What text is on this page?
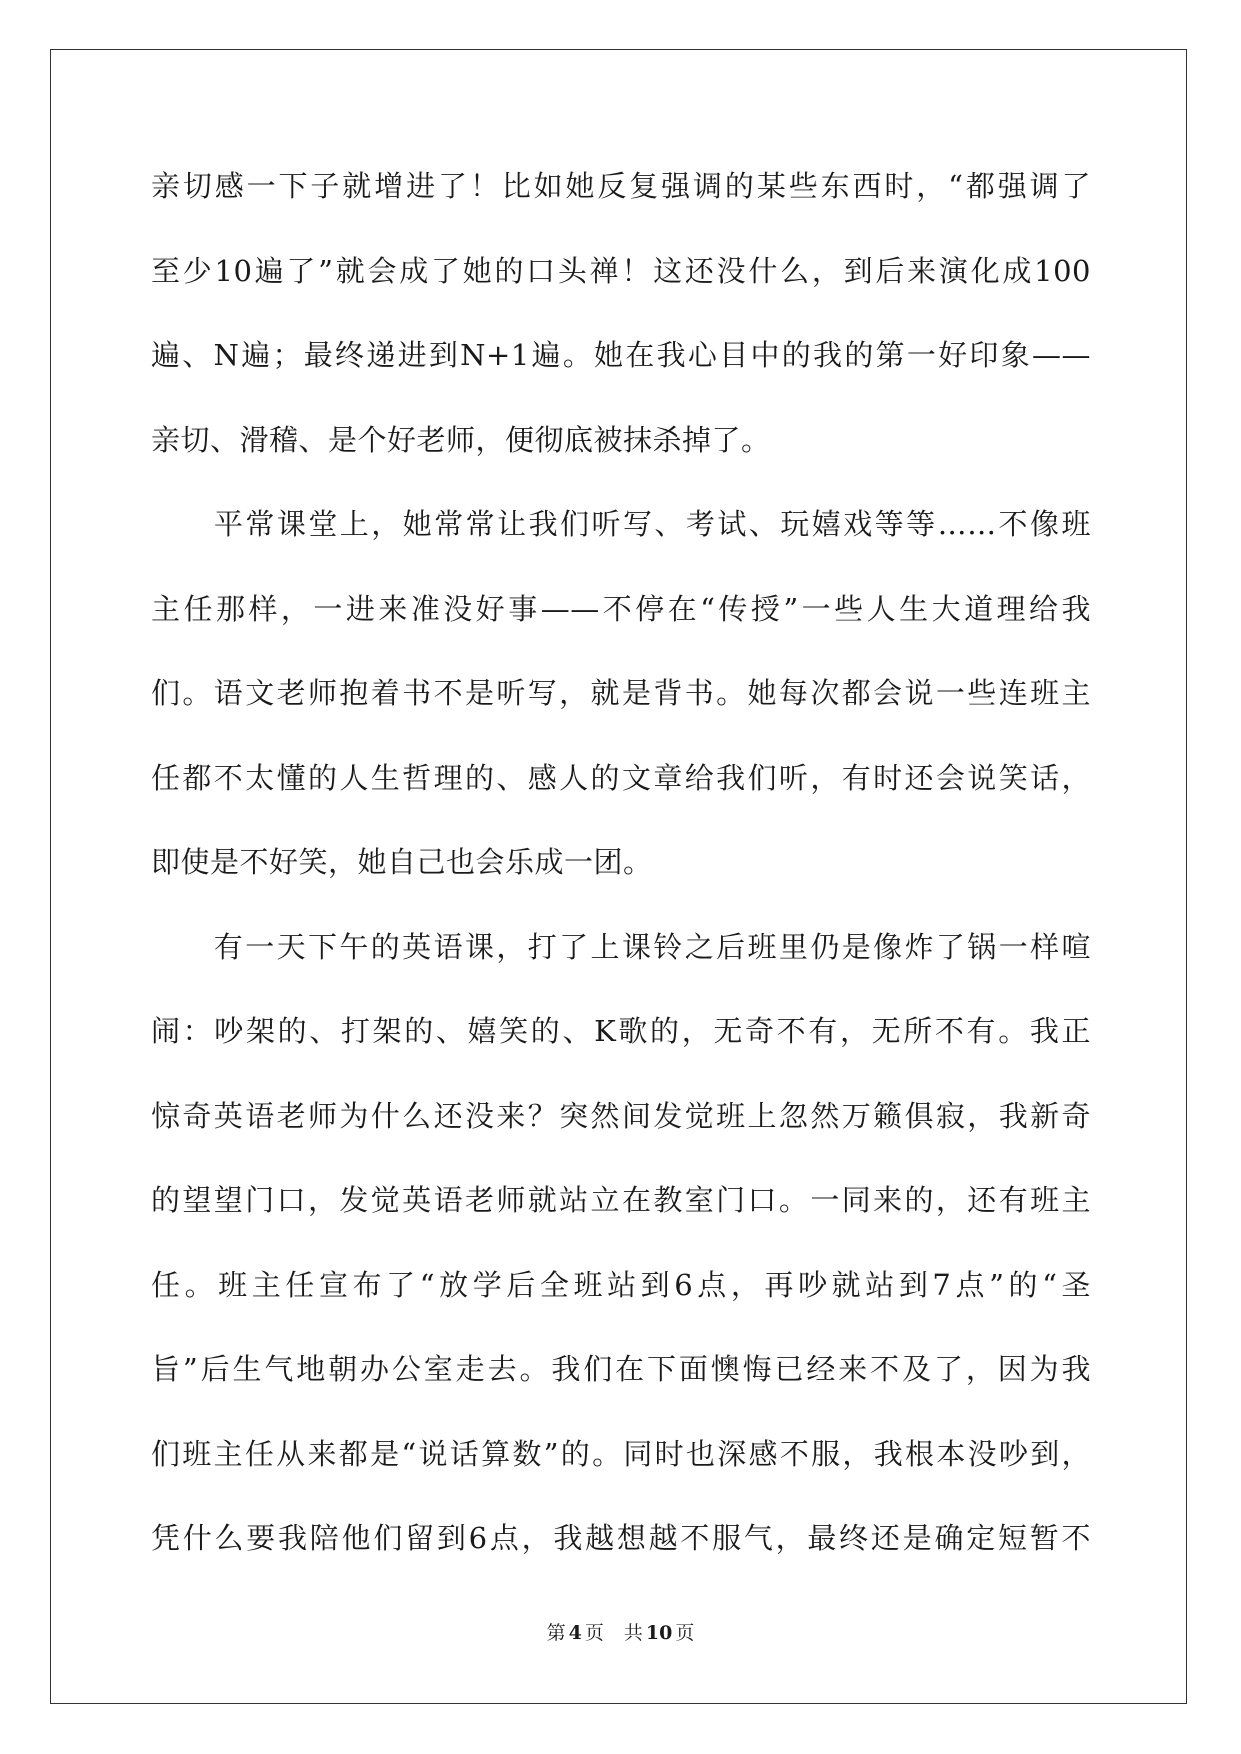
亲切感一下子就增进了！比如她反复强调的某些东西时，“都强调了
至少10遍了”就会成了她的口头禅！这还没什么，到后来演化成100
遍、N遍；最终递进到N+1遍。她在我心目中的我的第一好印象——
亲切、滑稽、是个好老师，便彻底被抹杀掉了。
　　平常课堂上，她常常让我们听写、考试、玩嬉戏等等……不像班
主任那样，一进来准没好事——不停在“传授”一些人生大道理给我
们。语文老师抱着书不是听写，就是背书。她每次都会说一些连班主
任都不太懂的人生哲理的、感人的文章给我们听，有时还会说笑话，
即使是不好笑，她自己也会乐成一团。
　　有一天下午的英语课，打了上课铃之后班里仍是像炸了锅一样喧
闹：吵架的、打架的、嬉笑的、K歌的，无奇不有，无所不有。我正
惊奇英语老师为什么还没来？突然间发觉班上忽然万籁俱寂，我新奇
的望望门口，发觉英语老师就站立在教室门口。一同来的，还有班主
任。班主任宣布了“放学后全班站到6点，再吵就站到7点”的“圣
旨”后生气地朝办公室走去。我们在下面懊悔已经来不及了，因为我
们班主任从来都是“说话算数”的。同时也深感不服，我根本没吵到，
凭什么要我陪他们留到6点，我越想越不服气，最终还是确定短暂不
第 4 页 共 10 页
